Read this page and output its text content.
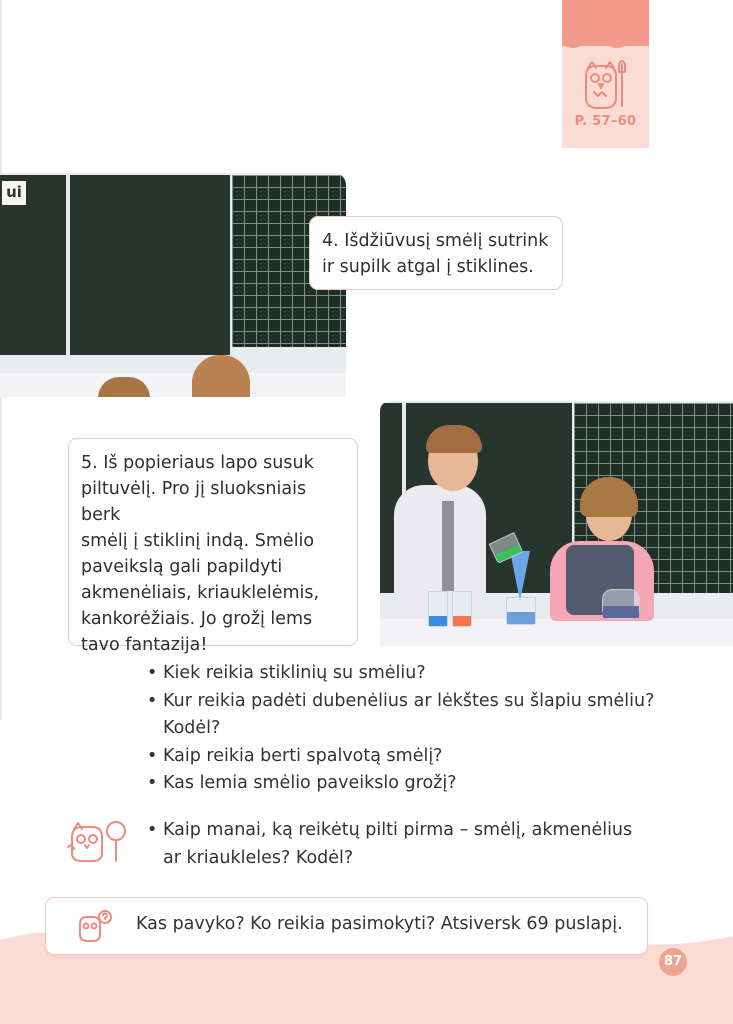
P. 57–60
ui
4. Išdžiūvusį smėlį sutrink
ir supilk atgal į stiklines.
5. Iš popieriaus lapo susuk
piltuvėlį. Pro jį sluoksniais berk
smėlį į stiklinį indą. Smėlio
paveikslą gali papildyti
akmenėliais, kriauklelėmis,
kankorėžiais. Jo grožį lems
tavo fantazija!
• Kiek reikia stiklinių su smėliu?
• Kur reikia padėti dubenėlius ar lėkštes su šlapiu smėliu?
Kodėl?
• Kaip reikia berti spalvotą smėlį?
• Kas lemia smėlio paveikslo grožį?
• Kaip manai, ką reikėtų pilti pirma – smėlį, akmenėlius
ar kriaukleles? Kodėl?
Kas pavyko? Ko reikia pasimokyti? Atsiversk 69 puslapį.
87
